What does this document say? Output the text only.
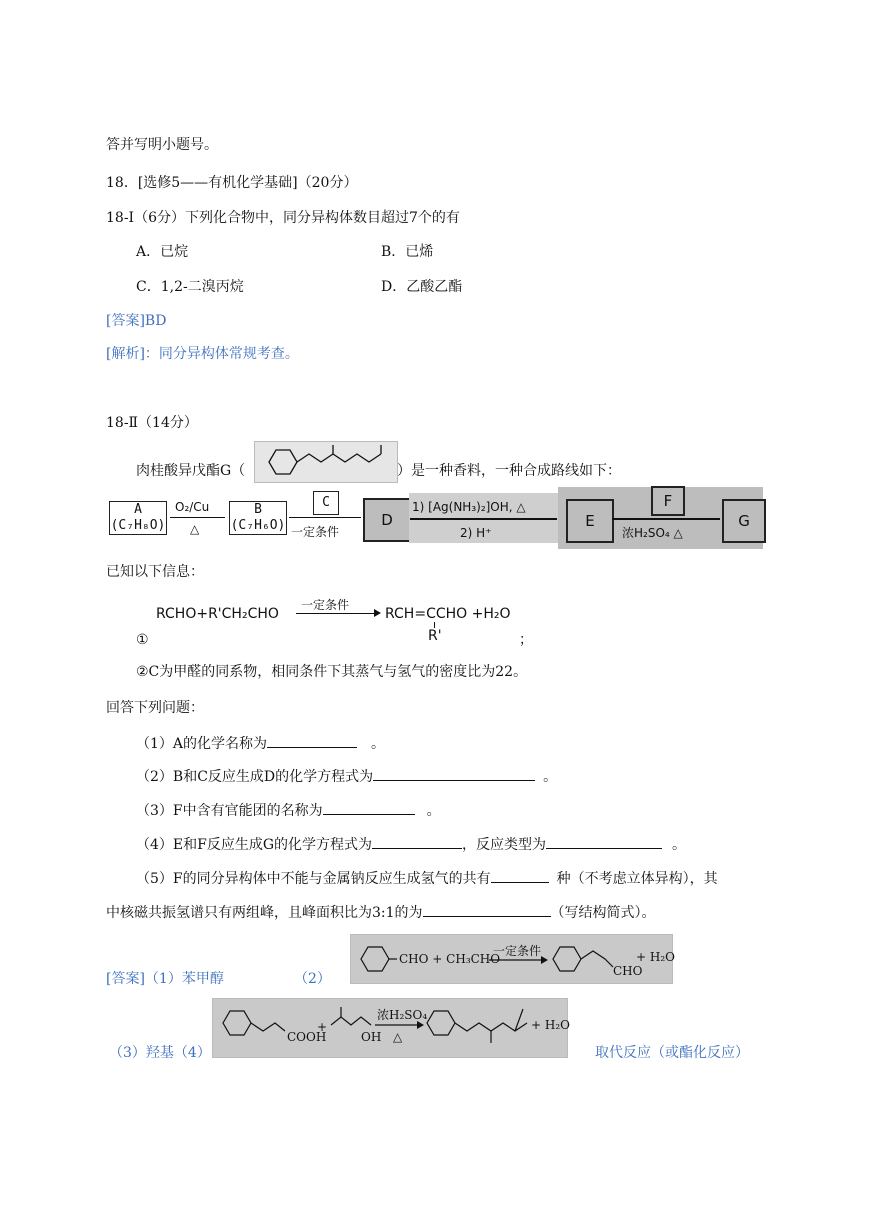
答并写明小题号。
18．[选修5——有机化学基础]（20分）
18-Ⅰ（6分）下列化合物中，同分异构体数目超过7个的有
A．已烷	B．已烯
C．1,2-二溴丙烷	D．乙酸乙酯
[答案]BD
[解析]：同分异构体常规考查。
18-Ⅱ（14分）
肉桂酸异戊酯G（	）是一种香料，一种合成路线如下：
A
(C₇H₈O)
O₂/Cu
△
B
(C₇H₆O)
C
一定条件
D
1) [Ag(NH₃)₂]OH, △
2) H⁺
E
F
浓H₂SO₄ △
G
已知以下信息：
RCHO+R'CH₂CHO
一定条件
RCH=CCHO +H₂O
R'
①	；
②C为甲醛的同系物，相同条件下其蒸气与氢气的密度比为22。
回答下列问题：
（1）A的化学名称为	。
（2）B和C反应生成D的化学方程式为	。
（3）F中含有官能团的名称为	。
（4）E和F反应生成G的化学方程式为	，反应类型为	。
（5）F的同分异构体中不能与金属钠反应生成氢气的共有	种（不考虑立体异构），其
中核磁共振氢谱只有两组峰，且峰面积比为3:1的为	（写结构简式）。
[答案]（1）苯甲醇	（2）
CHO + CH₃CHO
一定条件
CHO
+ H₂O
（3）羟基（4）
COOH
+
OH
浓H₂SO₄
△
+ H₂O
取代反应（或酯化反应）
